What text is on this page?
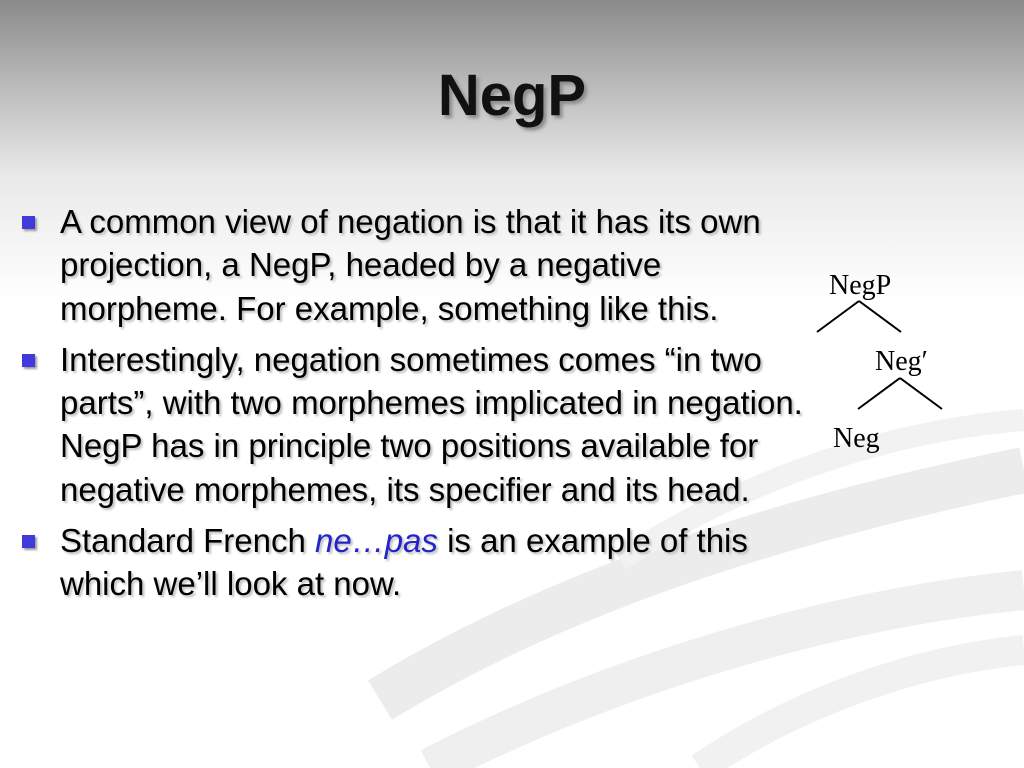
NegP
A common view of negation is that it has its own projection, a NegP, headed by a negative morpheme. For example, something like this.
Interestingly, negation sometimes comes “in two parts”, with two morphemes implicated in negation. NegP has in principle two positions available for negative morphemes, its specifier and its head.
Standard French ne…pas is an example of this which we’ll look at now.
NegP
Neg′
Neg
